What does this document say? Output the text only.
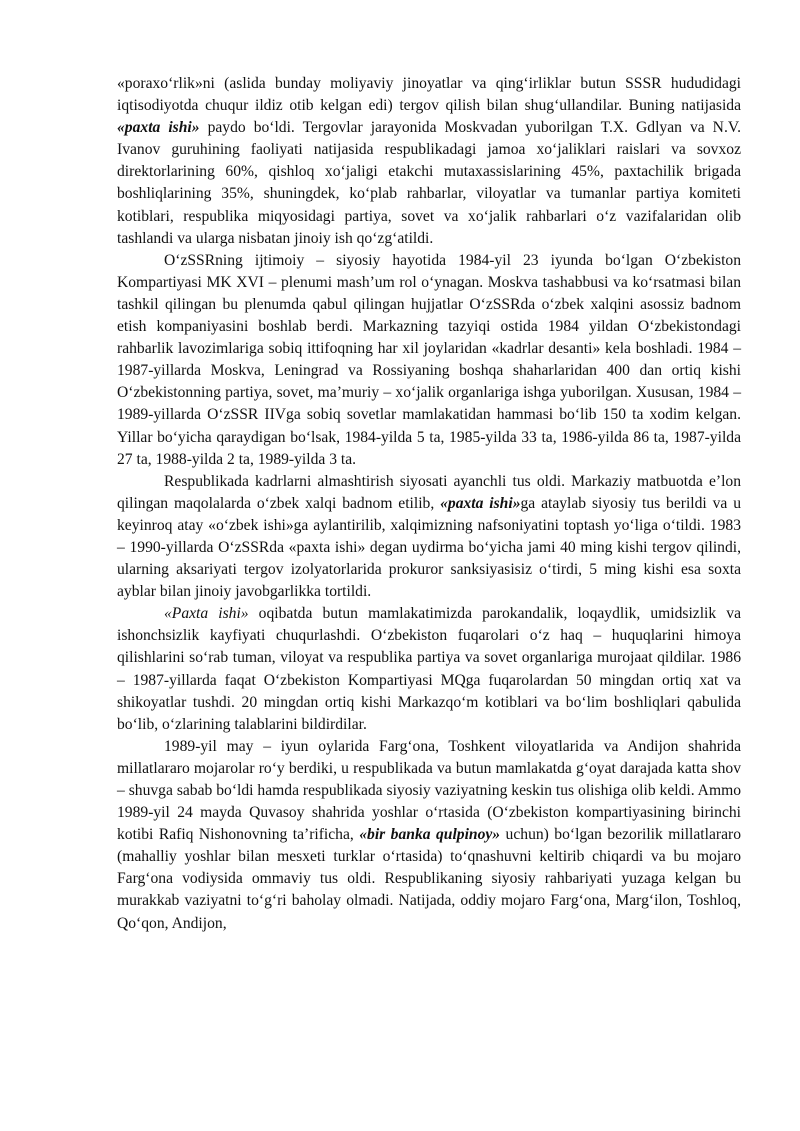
«poraxoʻrlik»ni (aslida bunday moliyaviy jinoyatlar va qingʻirliklar butun SSSR hududidagi iqtisodiyotda chuqur ildiz otib kelgan edi) tergov qilish bilan shugʻullandilar. Buning natijasida «paxta ishi» paydo boʻldi. Tergovlar jarayonida Moskvadan yuborilgan T.X. Gdlyan va N.V. Ivanov guruhining faoliyati natijasida respublikadagi jamoa xoʻjaliklari raislari va sovxoz direktorlarining 60%, qishloq xoʻjaligi etakchi mutaxassislarining 45%, paxtachilik brigada boshliqlarining 35%, shuningdek, koʻplab rahbarlar, viloyatlar va tumanlar partiya komiteti kotiblari, respublika miqyosidagi partiya, sovet va xoʻjalik rahbarlari oʻz vazifalaridan olib tashlandi va ularga nisbatan jinoiy ish qoʻzgʻatildi.

OʻzSSRning ijtimoiy – siyosiy hayotida 1984-yil 23 iyunda boʻlgan Oʻzbekiston Kompartiyasi MK XVI – plenumi mashʼum rol oʻynagan. Moskva tashabbusi va koʻrsatmasi bilan tashkil qilingan bu plenumda qabul qilingan hujjatlar OʻzSSRda oʻzbek xalqini asossiz badnom etish kompaniyasini boshlab berdi. Markazning tazyiqi ostida 1984 yildan Oʻzbekistondagi rahbarlik lavozimlariga sobiq ittifoqning har xil joylaridan «kadrlar desanti» kela boshladi. 1984 – 1987-yillarda Moskva, Leningrad va Rossiyaning boshqa shaharlaridan 400 dan ortiq kishi Oʻzbekistonning partiya, sovet, maʼmuriy – xoʻjalik organlariga ishga yuborilgan. Xususan, 1984 – 1989-yillarda OʻzSSR IIVga sobiq sovetlar mamlakatidan hammasi boʻlib 150 ta xodim kelgan. Yillar boʻyicha qaraydigan boʻlsak, 1984-yilda 5 ta, 1985-yilda 33 ta, 1986-yilda 86 ta, 1987-yilda 27 ta, 1988-yilda 2 ta, 1989-yilda 3 ta.

Respublikada kadrlarni almashtirish siyosati ayanchli tus oldi. Markaziy matbuotda eʼlon qilingan maqolalarda oʻzbek xalqi badnom etilib, «paxta ishi»ga ataylab siyosiy tus berildi va u keyinroq atay «oʻzbek ishi»ga aylantirilib, xalqimizning nafsoniyatini toptash yoʻliga oʻtildi. 1983 – 1990-yillarda OʻzSSRda «paxta ishi» degan uydirma boʻyicha jami 40 ming kishi tergov qilindi, ularning aksariyati tergov izolyatorlarida prokuror sanksiyasisiz oʻtirdi, 5 ming kishi esa soxta ayblar bilan jinoiy javobgarlikka tortildi.

«Paxta ishi» oqibatda butun mamlakatimizda parokandalik, loqaydlik, umidsizlik va ishonchsizlik kayfiyati chuqurlashdi. Oʻzbekiston fuqarolari oʻz haq – huquqlarini himoya qilishlarini soʻrab tuman, viloyat va respublika partiya va sovet organlariga murojaat qildilar. 1986 – 1987-yillarda faqat Oʻzbekiston Kompartiyasi MQga fuqarolardan 50 mingdan ortiq xat va shikoyatlar tushdi. 20 mingdan ortiq kishi Markazqoʻm kotiblari va boʻlim boshliqlari qabulida boʻlib, oʻzlarining talablarini bildirdilar.

1989-yil may – iyun oylarida Fargʻona, Toshkent viloyatlarida va Andijon shahrida millatlararo mojarolar roʻy berdiki, u respublikada va butun mamlakatda gʻoyat darajada katta shov – shuvga sabab boʻldi hamda respublikada siyosiy vaziyatning keskin tus olishiga olib keldi. Ammo 1989-yil 24 mayda Quvasoy shahrida yoshlar oʻrtasida (Oʻzbekiston kompartiyasining birinchi kotibi Rafiq Nishonovning taʼrificha, «bir banka qulpinoy» uchun) boʻlgan bezorilik millatlararo (mahalliy yoshlar bilan mesxeti turklar oʻrtasida) toʻqnashuvni keltirib chiqardi va bu mojaro Fargʻona vodiysida ommaviy tus oldi. Respublikaning siyosiy rahbariyati yuzaga kelgan bu murakkab vaziyatni toʻgʻri baholay olmadi. Natijada, oddiy mojaro Fargʻona, Margʻilon, Toshloq, Qoʻqon, Andijon,
